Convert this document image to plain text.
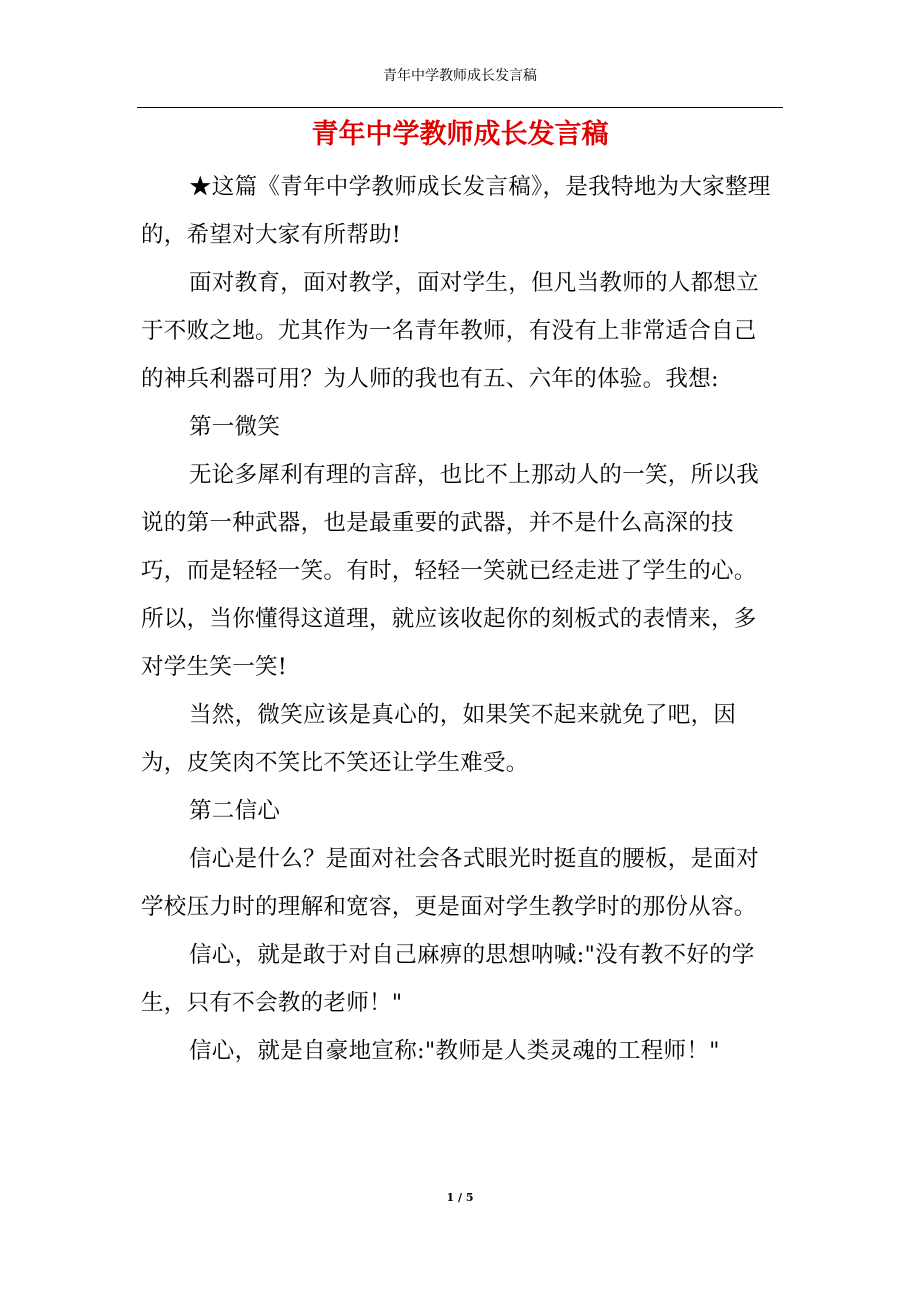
青年中学教师成长发言稿
青年中学教师成长发言稿

★这篇《青年中学教师成长发言稿》，是我特地为大家整理的，希望对大家有所帮助!

面对教育，面对教学，面对学生，但凡当教师的人都想立于不败之地。尤其作为一名青年教师，有没有上非常适合自己的神兵利器可用？为人师的我也有五、六年的体验。我想:

第一微笑

无论多犀利有理的言辞，也比不上那动人的一笑，所以我说的第一种武器，也是最重要的武器，并不是什么高深的技巧，而是轻轻一笑。有时，轻轻一笑就已经走进了学生的心。所以，当你懂得这道理，就应该收起你的刻板式的表情来，多对学生笑一笑!

当然，微笑应该是真心的，如果笑不起来就免了吧，因为，皮笑肉不笑比不笑还让学生难受。

第二信心

信心是什么？是面对社会各式眼光时挺直的腰板，是面对学校压力时的理解和宽容，更是面对学生教学时的那份从容。

信心，就是敢于对自己麻痹的思想呐喊:"没有教不好的学生，只有不会教的老师！"

信心，就是自豪地宣称:"教师是人类灵魂的工程师！"

1 / 5
